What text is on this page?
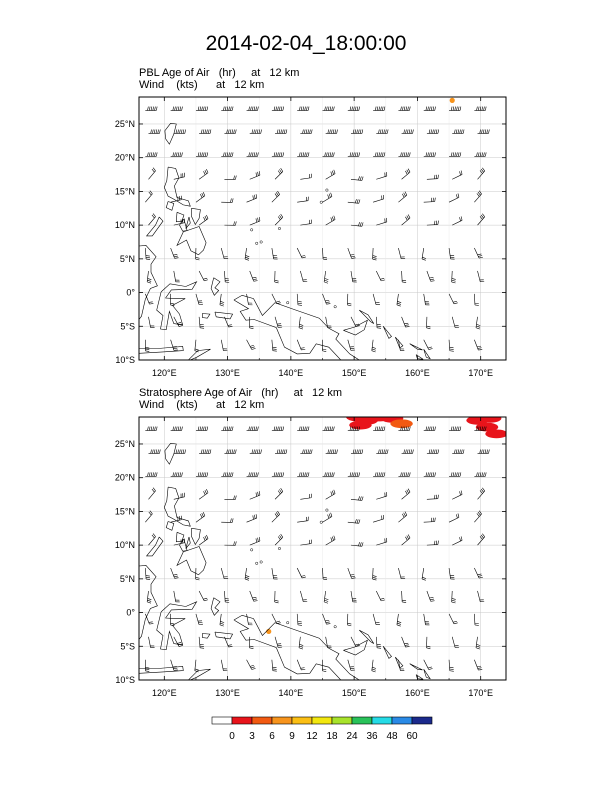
2014-02-04_18:00:00
PBL Age of Air   (hr)     at   12 km
Wind    (kts)      at   12 km
120°E	130°E	140°E	150°E	160°E	170°E
25°N
20°N
15°N
10°N
5°N
0°
5°S
10°S
Stratosphere Age of Air   (hr)     at   12 km
Wind    (kts)      at   12 km
120°E	130°E	140°E	150°E	160°E	170°E
25°N
20°N
15°N
10°N
5°N
0°
5°S
10°S
0 3 6 9 12 18 24 36 48 60
